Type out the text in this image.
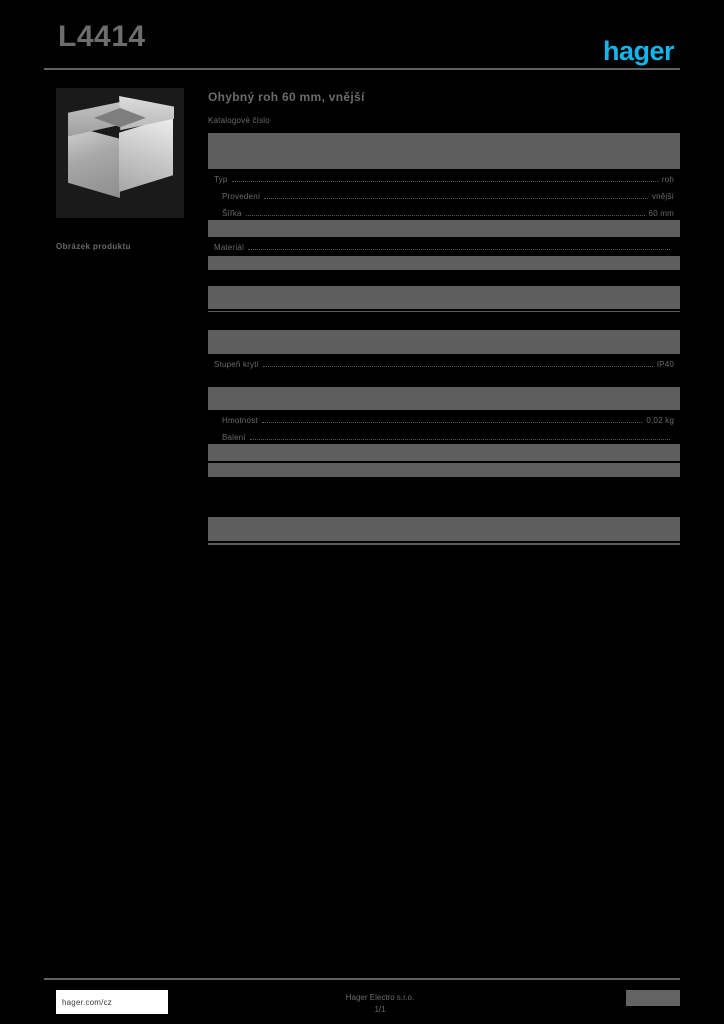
L4414	hager
Obrázek produktu
Ohybný roh 60 mm, vnější
Katalogové číslo
Všeobecné údaje
Typ	roh
Provedení	vnější
Šířka	60 mm
Barva
Materiál
Rozměry
Technické údaje
Stupeň krytí	IP40
Logistické údaje
Hmotnost	0,02 kg
Balení
EAN
Poznámky
hager.com/cz	Hager Electro s.r.o.
1/1
1
